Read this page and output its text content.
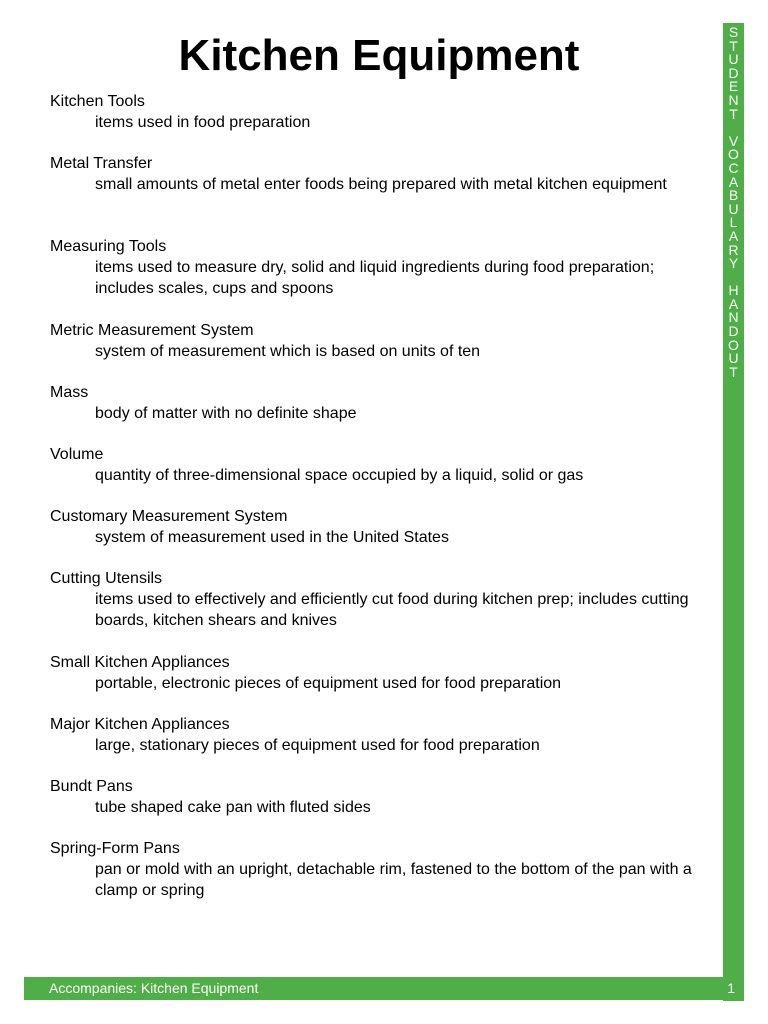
Kitchen Equipment
Kitchen Tools
items used in food preparation
Metal Transfer
small amounts of metal enter foods being prepared with metal kitchen equipment
Measuring Tools
items used to measure dry, solid and liquid ingredients during food preparation; includes scales, cups and spoons
Metric Measurement System
system of measurement which is based on units of ten
Mass
body of matter with no definite shape
Volume
quantity of three-dimensional space occupied by a liquid, solid or gas
Customary Measurement System
system of measurement used in the United States
Cutting Utensils
items used to effectively and efficiently cut food during kitchen prep; includes cutting boards, kitchen shears and knives
Small Kitchen Appliances
portable, electronic pieces of equipment used for food preparation
Major Kitchen Appliances
large, stationary pieces of equipment used for food preparation
Bundt Pans
tube shaped cake pan with fluted sides
Spring-Form Pans
pan or mold with an upright, detachable rim, fastened to the bottom of the pan with a clamp or spring
S
T
U
D
E
N
T

V
O
C
A
B
U
L
A
R
Y

H
A
N
D
O
U
T
Accompanies: Kitchen Equipment	1
